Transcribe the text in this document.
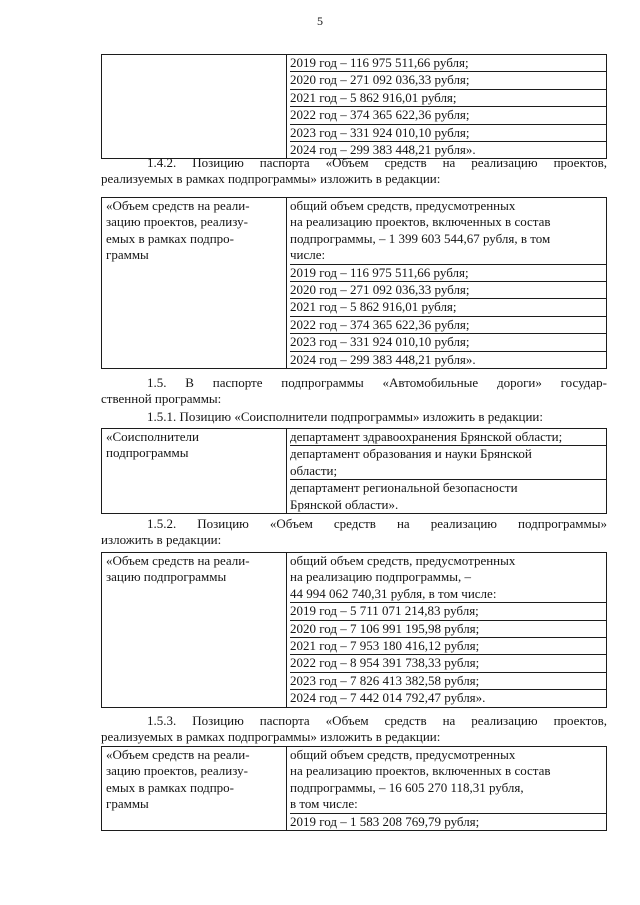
5
2019 год – 116 975 511,66 рубля;
2020 год – 271 092 036,33 рубля;
2021 год – 5 862 916,01 рубля;
2022 год – 374 365 622,36 рубля;
2023 год – 331 924 010,10 рубля;
2024 год – 299 383 448,21 рубля».
1.4.2. Позицию паспорта «Объем средств на реализацию проектов,
реализуемых в рамках подпрограммы» изложить в редакции:
«Объем средств на реали-
зацию проектов, реализу-
емых в рамках подпро-
граммы
общий объем средств, предусмотренных
на реализацию проектов, включенных в состав
подпрограммы, – 1 399 603 544,67 рубля, в том
числе:
2019 год – 116 975 511,66 рубля;
2020 год – 271 092 036,33 рубля;
2021 год – 5 862 916,01 рубля;
2022 год – 374 365 622,36 рубля;
2023 год – 331 924 010,10 рубля;
2024 год – 299 383 448,21 рубля».
1.5. В паспорте подпрограммы «Автомобильные дороги» государ-
ственной программы:
1.5.1. Позицию «Соисполнители подпрограммы» изложить в редакции:
«Соисполнители
подпрограммы
департамент здравоохранения Брянской области;
департамент образования и науки Брянской
области;
департамент региональной безопасности
Брянской области».
1.5.2. Позицию «Объем средств на реализацию подпрограммы»
изложить в редакции:
«Объем средств на реали-
зацию подпрограммы
общий объем средств, предусмотренных
на реализацию подпрограммы, –
44 994 062 740,31 рубля, в том числе:
2019 год – 5 711 071 214,83 рубля;
2020 год – 7 106 991 195,98 рубля;
2021 год – 7 953 180 416,12 рубля;
2022 год – 8 954 391 738,33 рубля;
2023 год – 7 826 413 382,58 рубля;
2024 год – 7 442 014 792,47 рубля».
1.5.3. Позицию паспорта «Объем средств на реализацию проектов,
реализуемых в рамках подпрограммы» изложить в редакции:
«Объем средств на реали-
зацию проектов, реализу-
емых в рамках подпро-
граммы
общий объем средств, предусмотренных
на реализацию проектов, включенных в состав
подпрограммы, – 16 605 270 118,31 рубля,
в том числе:
2019 год – 1 583 208 769,79 рубля;
